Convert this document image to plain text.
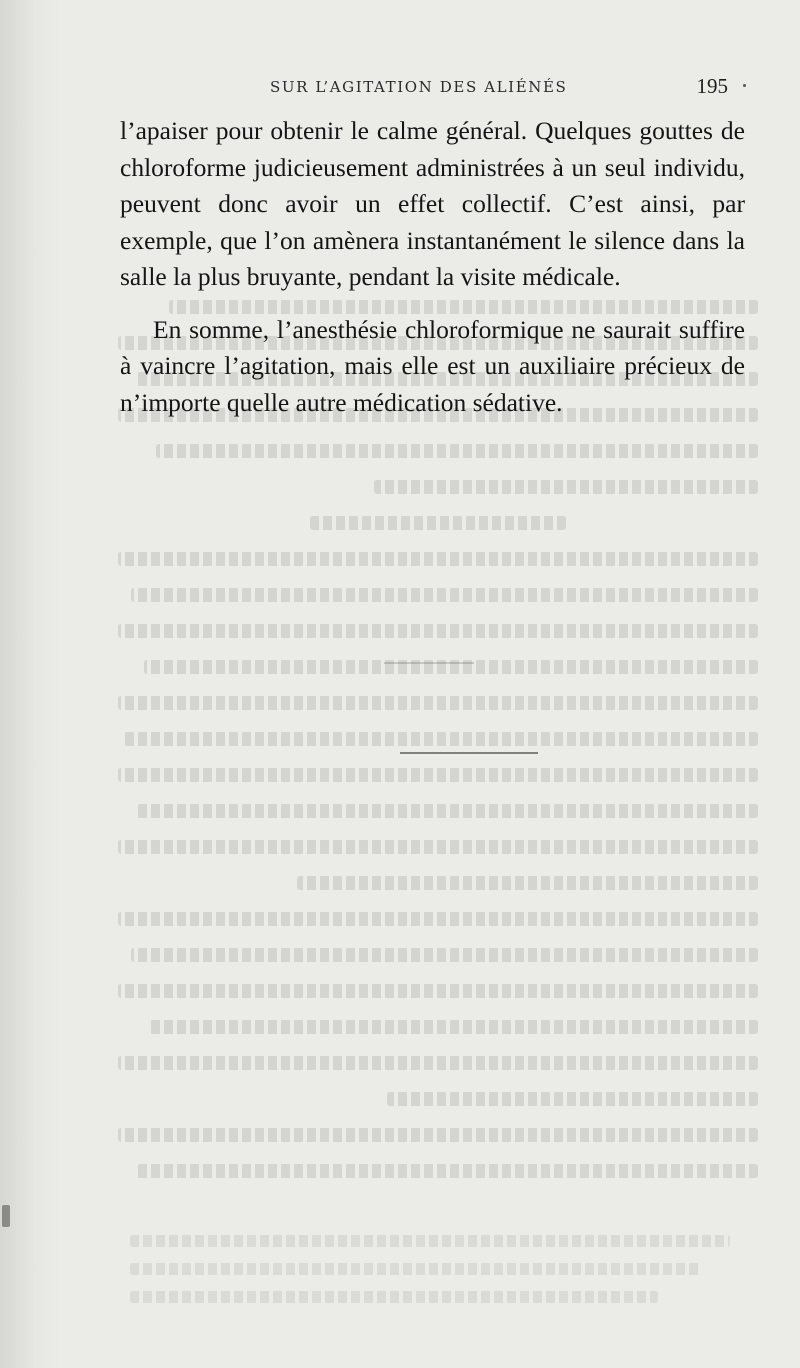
SUR L’AGITATION DES ALIÉNÉS	195

l’apaiser pour obtenir le calme général. Quelques gouttes de chloroforme judicieusement administrées à un seul individu, peuvent donc avoir un effet collectif. C’est ainsi, par exemple, que l’on amènera instantanément le silence dans la salle la plus bruyante, pendant la visite médicale.

En somme, l’anesthésie chloroformique ne saurait suffire à vaincre l’agitation, mais elle est un auxiliaire précieux de n’importe quelle autre médication sédative.
